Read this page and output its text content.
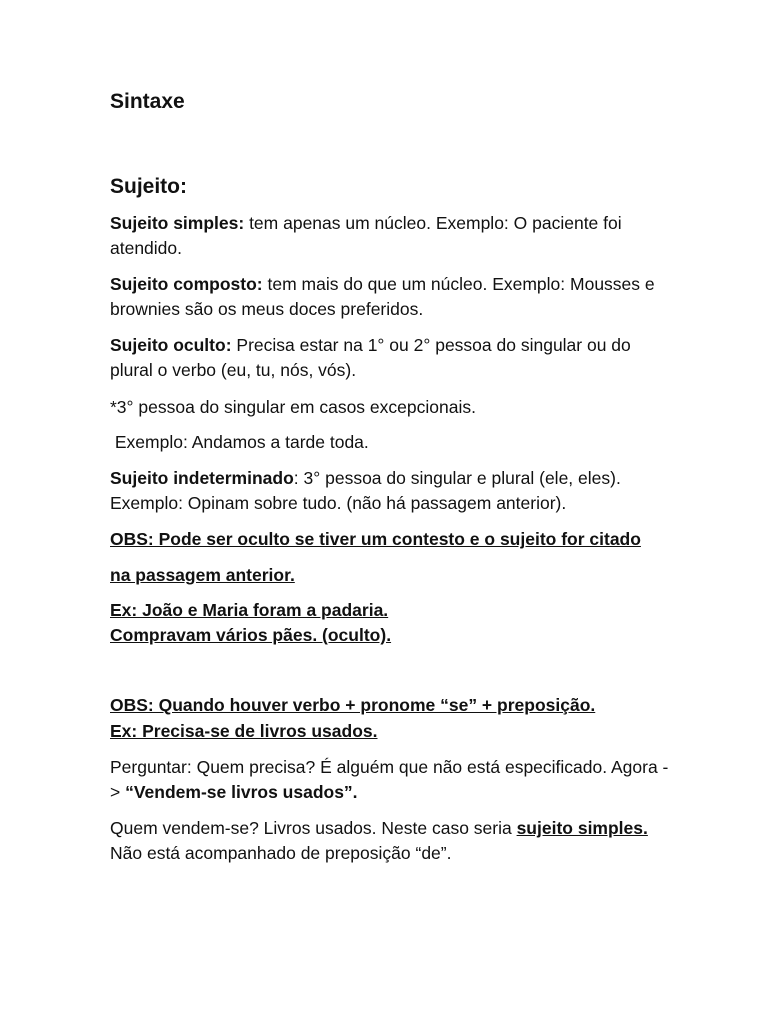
Sintaxe
Sujeito:
Sujeito simples: tem apenas um núcleo. Exemplo: O paciente foi atendido.
Sujeito composto: tem mais do que um núcleo. Exemplo: Mousses e brownies são os meus doces preferidos.
Sujeito oculto: Precisa estar na 1° ou 2° pessoa do singular ou do plural o verbo (eu, tu, nós, vós).
*3° pessoa do singular em casos excepcionais.
Exemplo: Andamos a tarde toda.
Sujeito indeterminado: 3° pessoa do singular e plural (ele, eles). Exemplo: Opinam sobre tudo. (não há passagem anterior).
OBS: Pode ser oculto se tiver um contesto e o sujeito for citado
na passagem anterior.
Ex: João e Maria foram a padaria.
Compravam vários pães. (oculto).
OBS: Quando houver verbo + pronome “se” + preposição.
Ex: Precisa-se de livros usados.
Perguntar: Quem precisa? É alguém que não está especificado. Agora -> “Vendem-se livros usados”.
Quem vendem-se? Livros usados. Neste caso seria sujeito simples. Não está acompanhado de preposição “de”.
